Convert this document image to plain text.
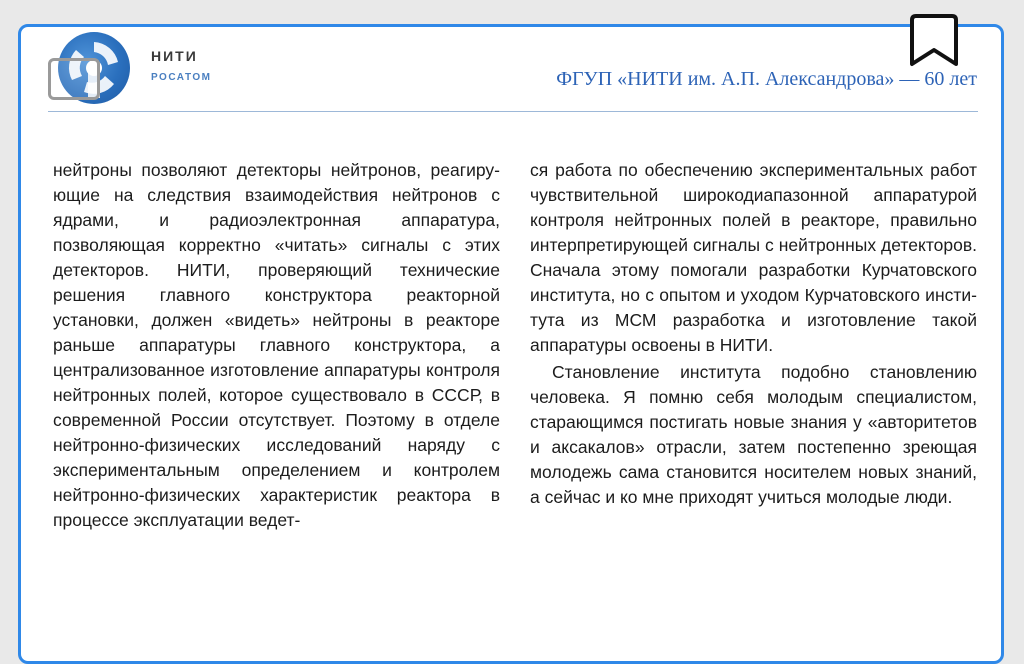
НИТИ
РОСАТОМ	ФГУП «НИТИ им. А.П. Александрова» — 60 лет

нейтроны позволяют детекторы нейтронов, реагирующие на следствия взаимодействия нейтронов с ядрами, и радиоэлектронная аппаратура, позволяющая корректно «читать» сигналы с этих детекторов. НИТИ, проверяющий технические решения главного конструктора реакторной установки, должен «видеть» нейтроны в реакторе раньше аппаратуры главного конструктора, а централизованное изготовление аппаратуры контроля нейтронных полей, которое существовало в СССР, в современной России отсутствует. Поэтому в отделе нейтронно-физических исследований наряду с экспериментальным определением и контролем нейтронно-физических характеристик реактора в процессе эксплуатации ведет-

ся работа по обеспечению экспериментальных работ чувствительной широкодиапазонной аппаратурой контроля нейтронных полей в реакторе, правильно интерпретирующей сигналы с нейтронных детекторов. Сначала этому помогали разработки Курчатовского института, но с опытом и уходом Курчатовского института из МСМ разработка и изготовление такой аппаратуры освоены в НИТИ.

Становление института подобно становлению человека. Я помню себя молодым специалистом, старающимся постигать новые знания у «авторитетов и аксакалов» отрасли, затем постепенно зреющая молодежь сама становится носителем новых знаний, а сейчас и ко мне приходят учиться молодые люди.
